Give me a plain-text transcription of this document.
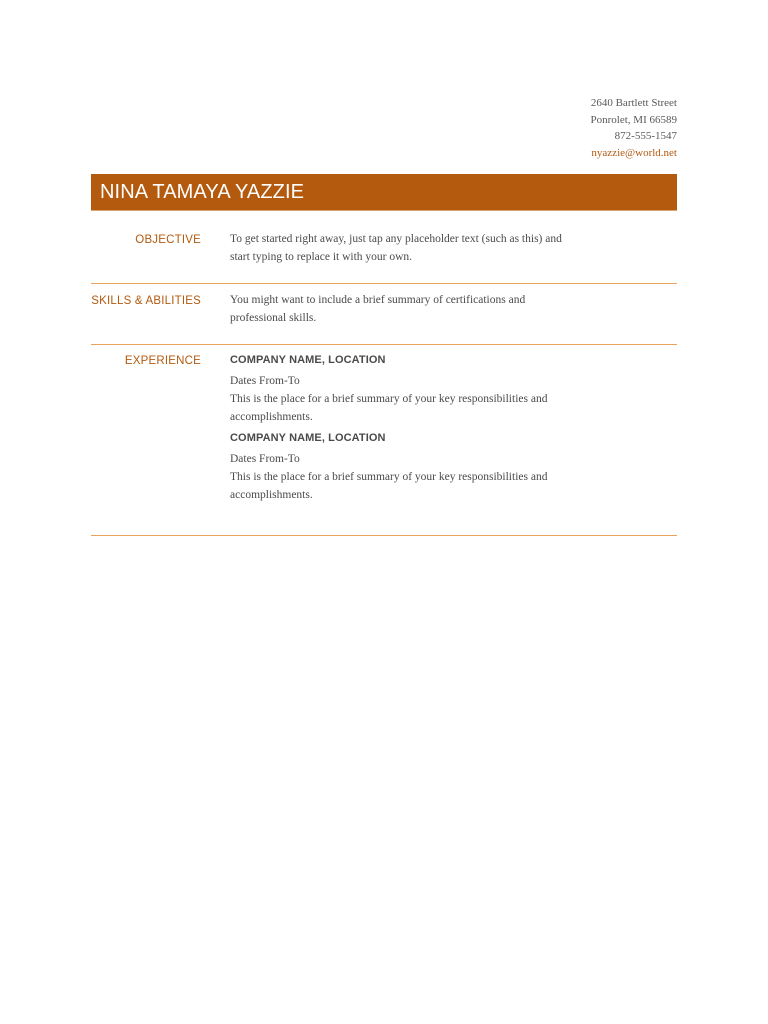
2640 Bartlett Street
Ponrolet, MI 66589
872-555-1547
nyazzie@world.net
NINA TAMAYA YAZZIE
OBJECTIVE	To get started right away, just tap any placeholder text (such as this) and start typing to replace it with your own.

SKILLS & ABILITIES	You might want to include a brief summary of certifications and professional skills.

EXPERIENCE	COMPANY NAME, LOCATION
Dates From-To

This is the place for a brief summary of your key responsibilities and accomplishments.

COMPANY NAME, LOCATION
Dates From-To

This is the place for a brief summary of your key responsibilities and accomplishments.
